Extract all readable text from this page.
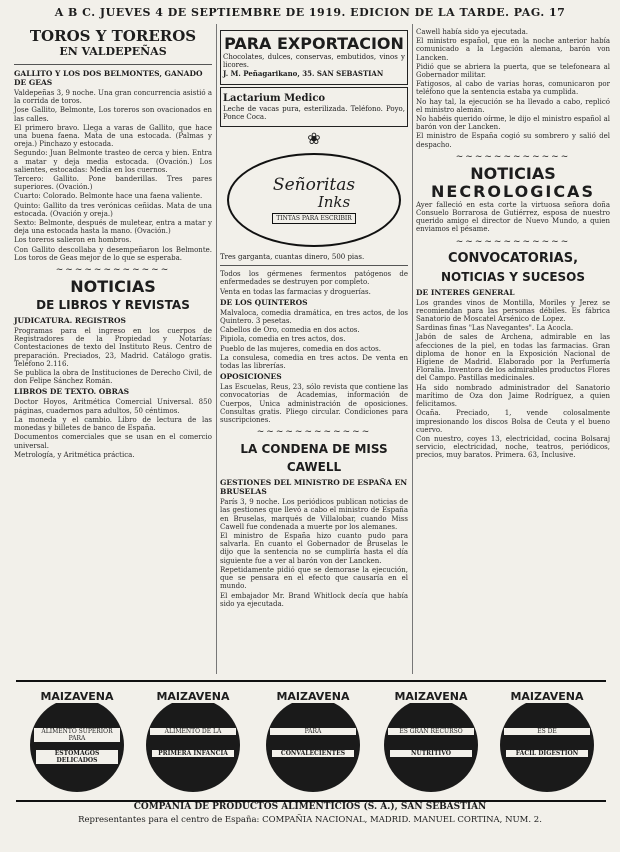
A B C. JUEVES 4 DE SEPTIEMBRE DE 1919. EDICION DE LA TARDE. PAG. 17

TOROS Y TOREROS

EN VALDEPEÑAS

GALLITO Y LOS DOS BELMONTES, GANADO DE GEAS

Valdepeñas 3, 9 noche. Una gran concurrencia asistió a la corrida de toros.

Jose Gallito, Belmonte, Los toreros son ovacionados en las calles.

El primero bravo. Llega a varas de Gallito, que hace una buena faena. Mata de una estocada. (Palmas y oreja.) Pinchazo y estocada.

Segundo: Juan Belmonte trasteo de cerca y bien. Entra a matar y deja media estocada. (Ovación.) Los salientes, estocadas: Media en los cuernos.

Tercero: Gallito. Pone banderillas. Tres pares superiores. (Ovación.)

Cuarto: Colorado. Belmonte hace una faena valiente.

Quinto: Gallito da tres verónicas ceñidas. Mata de una estocada. (Ovación y oreja.)

Sexto: Belmonte, después de muletear, entra a matar y deja una estocada hasta la mano. (Ovación.)

Los toreros salieron en hombros.

Con Gallito descollaba y desempeñaron los Belmonte. Los toros de Geas mejor de lo que se esperaba.

~~~~~~~~~~~~

NOTICIAS

DE LIBROS Y REVISTAS

JUDICATURA. REGISTROS

Programas para el ingreso en los cuerpos de Registradores de la Propiedad y Notarías: Contestaciones de texto del Instituto Reus. Centro de preparación. Preciados, 23, Madrid. Catálogo gratis. Teléfono 2.116.

Se publica la obra de Instituciones de Derecho Civil, de don Felipe Sánchez Román.

LIBROS DE TEXTO. OBRAS

Doctor Hoyos, Aritmética Comercial Universal. 850 páginas, cuadernos para adultos, 50 céntimos.

La moneda y el cambio. Libro de lectura de las monedas y billetes de banco de España.

Documentos comerciales que se usan en el comercio universal.

Metrología, y Aritmética práctica.

PARA EXPORTACION

Chocolates, dulces, conservas, embutidos, vinos y licores.

J. M. Peñagarikano, 35. SAN SEBASTIAN

Lactarium Medico

Leche de vacas pura, esterilizada. Teléfono. Poyo, Ponce Coca.

❀
Señoritas
Inks
TINTAS PARA ESCRIBIR

Tres garganta, cuantas dinero, 500 pias.

Todos los gérmenes fermentos patógenos de enfermedades se destruyen por completo.

Venta en todas las farmacias y droguerías.

DE LOS QUINTEROS

Malvaloca, comedia dramática, en tres actos, de los Quintero. 3 pesetas.

Cabellos de Oro, comedia en dos actos.

Pipiola, comedia en tres actos, dos.

Pueblo de las mujeres, comedia en dos actos.

La consulesa, comedia en tres actos. De venta en todas las librerías.

OPOSICIONES

Las Escuelas, Reus, 23, sólo revista que contiene las convocatorias de Academias, información de Cuerpos, Unica administración de oposiciones. Consultas gratis. Pliego circular. Condiciones para suscripciones.

~~~~~~~~~~~~

LA CONDENA DE MISS

CAWELL

GESTIONES DEL MINISTRO DE ESPAÑA EN BRUSELAS

París 3, 9 noche. Los periódicos publican noticias de las gestiones que llevó a cabo el ministro de España en Bruselas, marqués de Villalobar, cuando Miss Cawell fue condenada a muerte por los alemanes.

El ministro de España hizo cuanto pudo para salvarla. En cuanto el Gobernador de Bruselas le dijo que la sentencia no se cumpliría hasta el día siguiente fue a ver al barón von der Lancken.

Repetidamente pidió que se demorase la ejecución, que se pensara en el efecto que causaría en el mundo.

El embajador Mr. Brand Whitlock decía que había sido ya ejecutada.

Cawell había sido ya ejecutada.

El ministro español, que en la noche anterior había comunicado a la Legación alemana, barón von Lancken.

Pidió que se abriera la puerta, que se telefoneara al Gobernador militar.

Fatigosos, al cabo de varias horas, comunicaron por teléfono que la sentencia estaba ya cumplida.

No hay tal, la ejecución se ha llevado a cabo, replicó el ministro alemán.

No habéis querido oírme, le dijo el ministro español al barón von der Lancken.

El ministro de España cogió su sombrero y salió del despacho.

~~~~~~~~~~~~

NOTICIAS

NECROLOGICAS

Ayer falleció en esta corte la virtuosa señora doña Consuelo Borrarosa de Gutiérrez, esposa de nuestro querido amigo el director de Nuevo Mundo, a quien enviamos el pésame.

~~~~~~~~~~~~

CONVOCATORIAS,

NOTICIAS Y SUCESOS

DE INTERES GENERAL

Los grandes vinos de Montilla, Moriles y Jerez se recomiendan para las personas débiles. Es fábrica Sanatorio de Moscatel Arsénico de Lopez.

Sardinas finas "Las Navegantes". La Acocla.

Jabón de sales de Archena, admirable en las afecciones de la piel, en todas las farmacias. Gran diploma de honor en la Exposición Nacional de Higiene de Madrid. Elaborado por la Perfumería Floralia. Inventora de los admirables productos Flores del Campo. Pastillas medicinales.

Ha sido nombrado administrador del Sanatorio marítimo de Oza don Jaime Rodríguez, a quien felicitamos.

Ocaña. Preciado, 1, vende colosalmente impresionando los discos Bolsa de Ceuta y el bueno cuervo.

Con nuestro, coyes 13, electricidad, cocina Bolsaraj servicio, electricidad, noche, teatros, periódicos, precios, muy baratos. Primera. 63, Inclusive.

MAIZAVENA
ALIMENTO SUPERIOR PARA
ESTOMAGOS DELICADOS
MAIZAVENA
ALIMENTO DE LA
PRIMERA INFANCIA
MAIZAVENA
PARA
CONVALECIENTES
MAIZAVENA
ES GRAN RECURSO
NUTRITIVO
MAIZAVENA
ES DE
FACIL DIGESTION
COMPAÑIA DE PRODUCTOS ALIMENTICIOS (S. A.), SAN SEBASTIAN
Representantes para el centro de España: COMPAÑIA NACIONAL, MADRID. MANUEL CORTINA, NUM. 2.
